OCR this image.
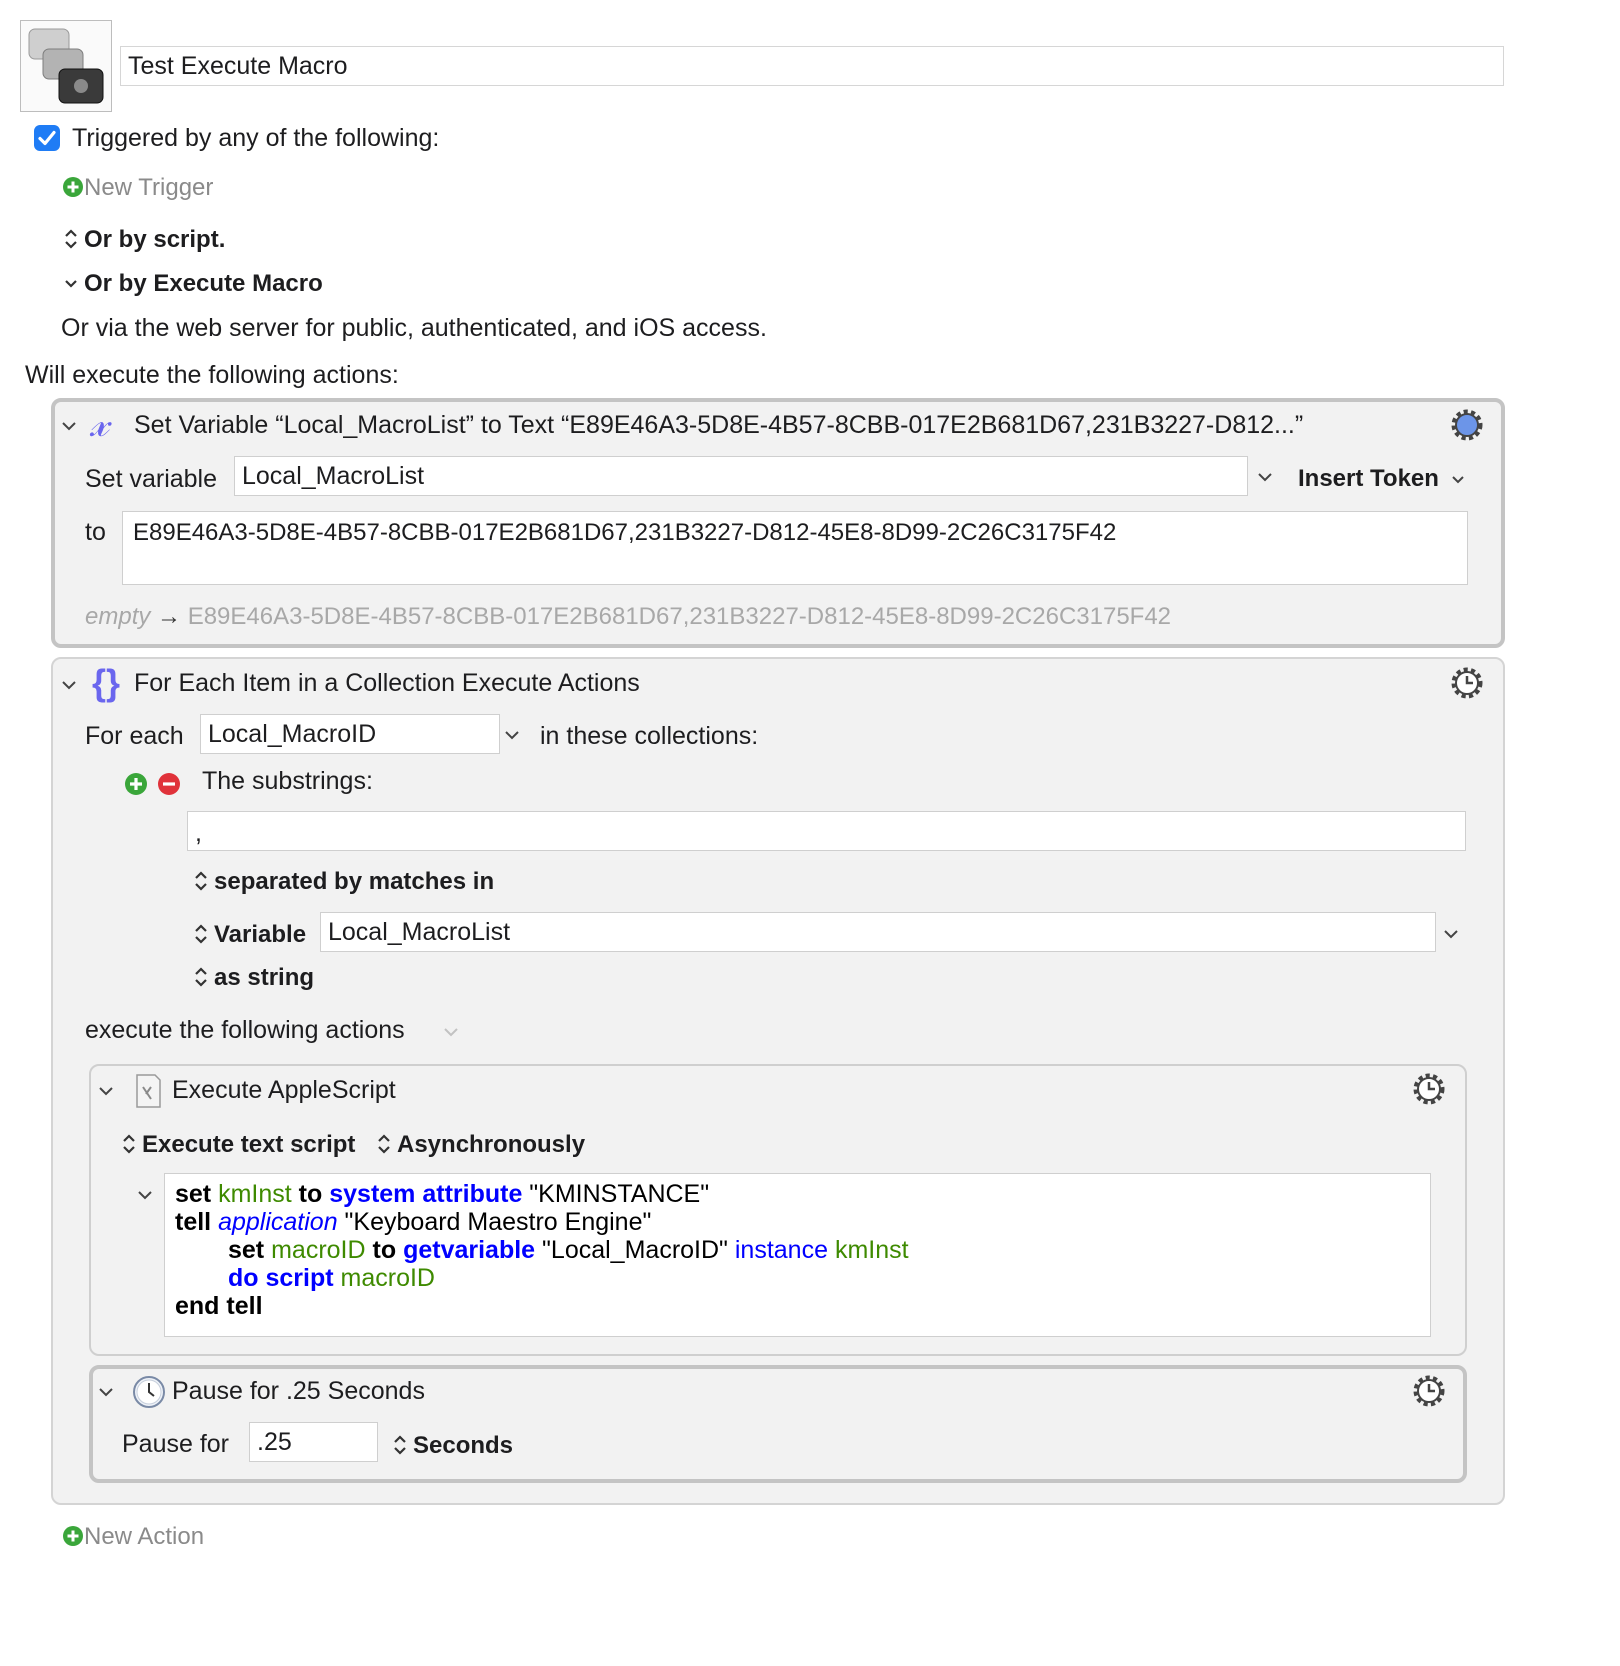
Test Execute Macro
Triggered by any of the following:
New Trigger
Or by script.
Or by Execute Macro
Or via the web server for public, authenticated, and iOS access.
Will execute the following actions:
𝓍 Set Variable “Local_MacroList” to Text “E89E46A3-5D8E-4B57-8CBB-017E2B681D67,231B3227-D812...”
Set variable Local_MacroList	Insert Token
to E89E46A3-5D8E-4B57-8CBB-017E2B681D67,231B3227-D812-45E8-8D99-2C26C3175F42
empty → E89E46A3-5D8E-4B57-8CBB-017E2B681D67,231B3227-D812-45E8-8D99-2C26C3175F42
{} For Each Item in a Collection Execute Actions
For each Local_MacroID	in these collections:
The substrings:
,
separated by matches in
Variable Local_MacroList
as string
execute the following actions
Execute AppleScript
Execute text script	Asynchronously
set kmInst to system attribute "KMINSTANCE"
tell application "Keyboard Maestro Engine"
set macroID to getvariable "Local_MacroID" instance kmInst
do script macroID
end tell
Pause for .25 Seconds
Pause for .25	Seconds
New Action
